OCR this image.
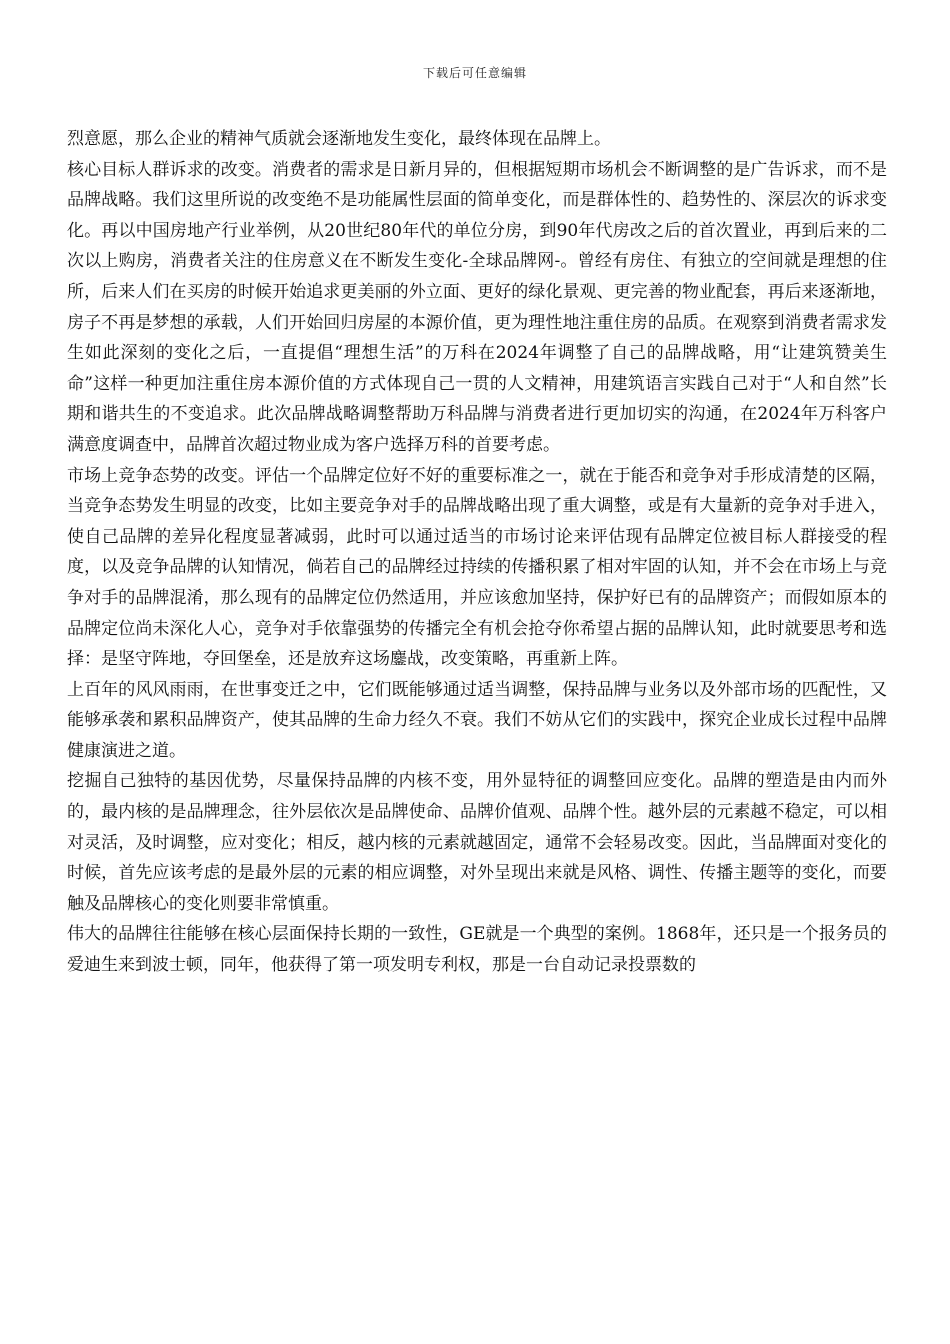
下载后可任意编辑

烈意愿，那么企业的精神气质就会逐渐地发生变化，最终体现在品牌上。

核心目标人群诉求的改变。消费者的需求是日新月异的，但根据短期市场机会不断调整的是广告诉求，而不是品牌战略。我们这里所说的改变绝不是功能属性层面的简单变化，而是群体性的、趋势性的、深层次的诉求变化。再以中国房地产行业举例，从20世纪80年代的单位分房，到90年代房改之后的首次置业，再到后来的二次以上购房，消费者关注的住房意义在不断发生变化-全球品牌网-。曾经有房住、有独立的空间就是理想的住所，后来人们在买房的时候开始追求更美丽的外立面、更好的绿化景观、更完善的物业配套，再后来逐渐地，房子不再是梦想的承载，人们开始回归房屋的本源价值，更为理性地注重住房的品质。在观察到消费者需求发生如此深刻的变化之后，一直提倡“理想生活”的万科在2024年调整了自己的品牌战略，用“让建筑赞美生命”这样一种更加注重住房本源价值的方式体现自己一贯的人文精神，用建筑语言实践自己对于“人和自然”长期和谐共生的不变追求。此次品牌战略调整帮助万科品牌与消费者进行更加切实的沟通，在2024年万科客户满意度调查中，品牌首次超过物业成为客户选择万科的首要考虑。

市场上竞争态势的改变。评估一个品牌定位好不好的重要标准之一，就在于能否和竞争对手形成清楚的区隔，当竞争态势发生明显的改变，比如主要竞争对手的品牌战略出现了重大调整，或是有大量新的竞争对手进入，使自己品牌的差异化程度显著减弱，此时可以通过适当的市场讨论来评估现有品牌定位被目标人群接受的程度，以及竞争品牌的认知情况，倘若自己的品牌经过持续的传播积累了相对牢固的认知，并不会在市场上与竞争对手的品牌混淆，那么现有的品牌定位仍然适用，并应该愈加坚持，保护好已有的品牌资产；而假如原本的品牌定位尚未深化人心，竞争对手依靠强势的传播完全有机会抢夺你希望占据的品牌认知，此时就要思考和选择：是坚守阵地，夺回堡垒，还是放弃这场鏖战，改变策略，再重新上阵。

上百年的风风雨雨，在世事变迁之中，它们既能够通过适当调整，保持品牌与业务以及外部市场的匹配性，又能够承袭和累积品牌资产，使其品牌的生命力经久不衰。我们不妨从它们的实践中，探究企业成长过程中品牌健康演进之道。

挖掘自己独特的基因优势，尽量保持品牌的内核不变，用外显特征的调整回应变化。品牌的塑造是由内而外的，最内核的是品牌理念，往外层依次是品牌使命、品牌价值观、品牌个性。越外层的元素越不稳定，可以相对灵活，及时调整，应对变化；相反，越内核的元素就越固定，通常不会轻易改变。因此，当品牌面对变化的时候，首先应该考虑的是最外层的元素的相应调整，对外呈现出来就是风格、调性、传播主题等的变化，而要触及品牌核心的变化则要非常慎重。

伟大的品牌往往能够在核心层面保持长期的一致性，GE就是一个典型的案例。1868年，还只是一个报务员的爱迪生来到波士顿，同年，他获得了第一项发明专利权，那是一台自动记录投票数的
